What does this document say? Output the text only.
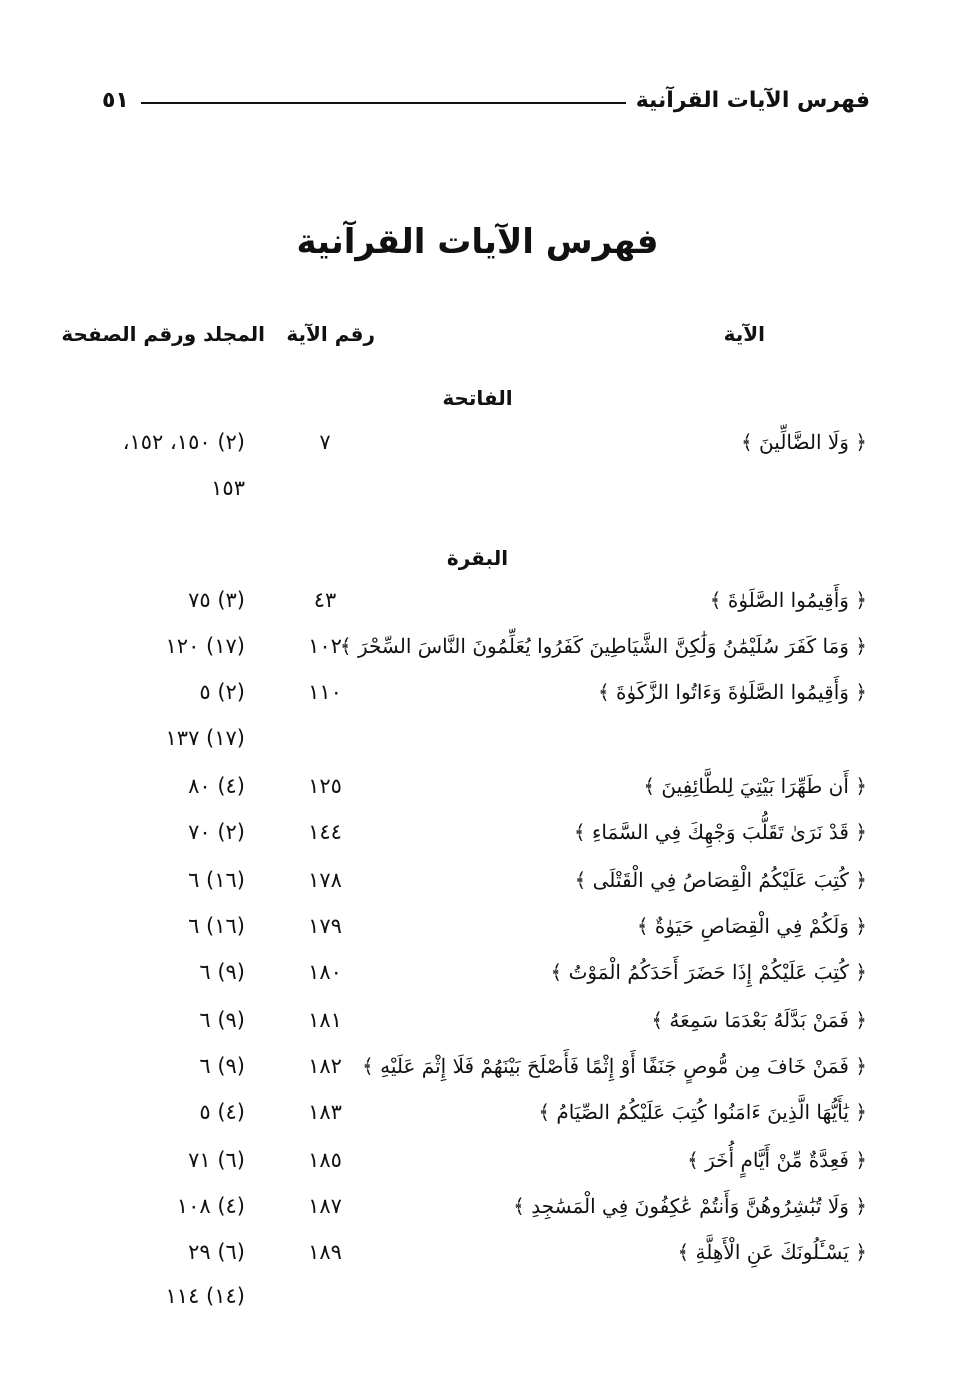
فهرس الآيات القرآنية
٥١
فهرس الآيات القرآنية
الآية
رقم الآية
المجلد ورقم الصفحة
الفاتحة
﴿ وَلَا الضَّالِّينَ ﴾
٧
(٢) ١٥٠، ١٥٢،
١٥٣
البقرة
﴿ وَأَقِيمُوا الصَّلَوٰةَ ﴾
٤٣
(٣) ٧٥
﴿ وَمَا كَفَرَ سُلَيْمَٰنُ وَلَٰكِنَّ الشَّيَاطِينَ كَفَرُوا يُعَلِّمُونَ النَّاسَ السِّحْرَ ﴾
١٠٢
(١٧) ١٢٠
﴿ وَأَقِيمُوا الصَّلَوٰةَ وَءَاتُوا الزَّكَوٰةَ ﴾
١١٠
(٢) ٥
(١٧) ١٣٧
﴿ أَن طَهِّرَا بَيْتِيَ لِلطَّائِفِينَ ﴾
١٢٥
(٤) ٨٠
﴿ قَدْ نَرَىٰ تَقَلُّبَ وَجْهِكَ فِي السَّمَاءِ ﴾
١٤٤
(٢) ٧٠
﴿ كُتِبَ عَلَيْكُمُ الْقِصَاصُ فِي الْقَتْلَى ﴾
١٧٨
(١٦) ٦
﴿ وَلَكُمْ فِي الْقِصَاصِ حَيَوٰةٌ ﴾
١٧٩
(١٦) ٦
﴿ كُتِبَ عَلَيْكُمْ إِذَا حَضَرَ أَحَدَكُمُ الْمَوْتُ ﴾
١٨٠
(٩) ٦
﴿ فَمَنْ بَدَّلَهُ بَعْدَمَا سَمِعَهُ ﴾
١٨١
(٩) ٦
﴿ فَمَنْ خَافَ مِن مُّوصٍ جَنَفًا أَوْ إِثْمًا فَأَصْلَحَ بَيْنَهُمْ فَلَا إِثْمَ عَلَيْهِ ﴾
١٨٢
(٩) ٦
﴿ يَٰأَيُّهَا الَّذِينَ ءَامَنُوا كُتِبَ عَلَيْكُمُ الصِّيَامُ ﴾
١٨٣
(٤) ٥
﴿ فَعِدَّةٌ مِّنْ أَيَّامٍ أُخَرَ ﴾
١٨٥
(٦) ٧١
﴿ وَلَا تُبَٰشِرُوهُنَّ وَأَنتُمْ عَٰكِفُونَ فِي الْمَسَٰجِدِ ﴾
١٨٧
(٤) ١٠٨
﴿ يَسْـَٔلُونَكَ عَنِ الْأَهِلَّةِ ﴾
١٨٩
(٦) ٢٩
(١٤) ١١٤
